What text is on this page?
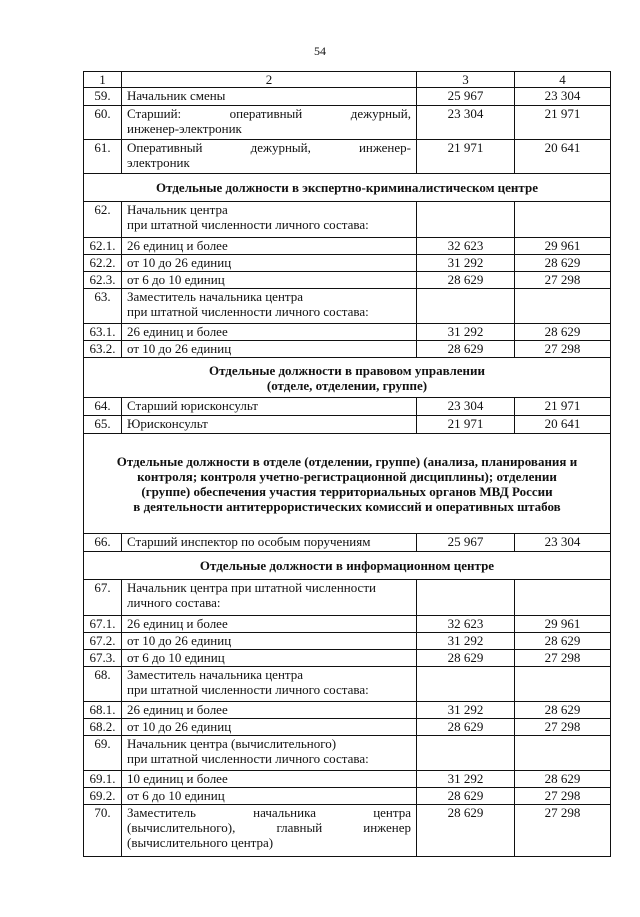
54
1	2	3	4
59.	Начальник смены	25 967	23 304
60.	Старший: оперативный дежурный,
инженер-электроник	23 304	21 971
61.	Оперативный дежурный, инженер-
электроник	21 971	20 641

Отдельные должности в экспертно-криминалистическом центре			

62.	Начальник центра
при штатной численности личного состава:		

62.1.	26 единиц и более	32 623	29 961
62.2.	от 10 до 26 единиц	31 292	28 629
62.3.	от 6 до 10 единиц	28 629	27 298
63.	Заместитель начальника центра
при штатной численности личного состава:		

63.1.	26 единиц и более	31 292	28 629
63.2.	от 10 до 26 единиц	28 629	27 298

Отдельные должности в правовом управлении
(отделе, отделении, группе)			

64.	Старший юрисконсульт	23 304	21 971
65.	Юрисконсульт	21 971	20 641

Отдельные должности в отделе (отделении, группе) (анализа, планирования и
контроля; контроля учетно-регистрационной дисциплины); отделении
(группе) обеспечения участия территориальных органов МВД России
в деятельности антитеррористических комиссий и оперативных штабов			

66.	Старший инспектор по особым поручениям	25 967	23 304

Отдельные должности в информационном центре			

67.	Начальник центра при штатной численности
личного состава:		

67.1.	26 единиц и более	32 623	29 961
67.2.	от 10 до 26 единиц	31 292	28 629
67.3.	от 6 до 10 единиц	28 629	27 298
68.	Заместитель начальника центра
при штатной численности личного состава:		

68.1.	26 единиц и более	31 292	28 629
68.2.	от 10 до 26 единиц	28 629	27 298
69.	Начальник центра (вычислительного)
при штатной численности личного состава:		

69.1.	10 единиц и более	31 292	28 629
69.2.	от 6 до 10 единиц	28 629	27 298
70.	Заместитель начальника центра
(вычислительного), главный инженер
(вычислительного центра)	28 629	27 298
